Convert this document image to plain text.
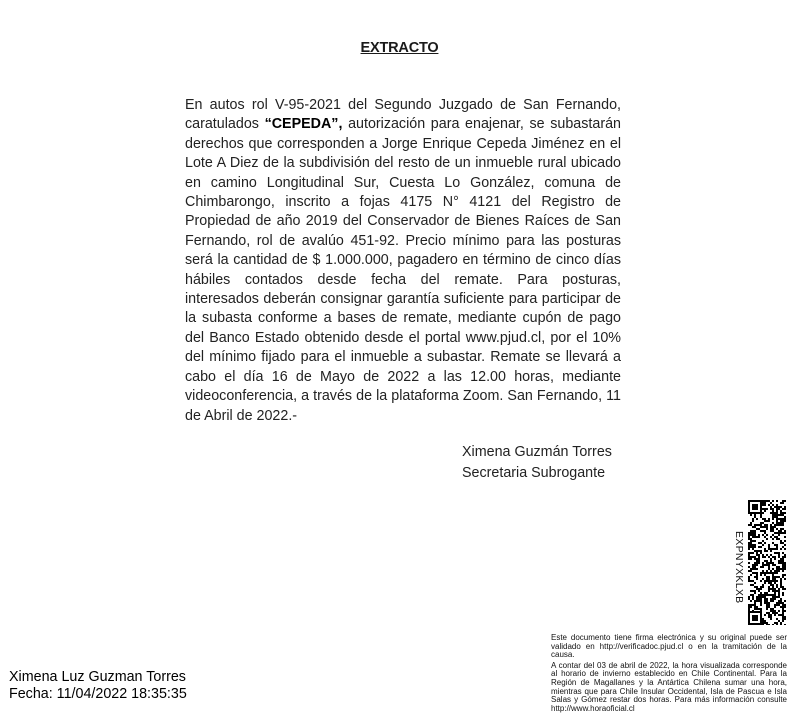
EXTRACTO
En autos rol V-95-2021 del Segundo Juzgado de San Fernando, caratulados “CEPEDA”, autorización para enajenar, se subastarán derechos que corresponden a Jorge Enrique Cepeda Jiménez en el Lote A Diez de la subdivisión del resto de un inmueble rural ubicado en camino Longitudinal Sur, Cuesta Lo González, comuna de Chimbarongo, inscrito a fojas 4175 N° 4121 del Registro de Propiedad de año 2019 del Conservador de Bienes Raíces de San Fernando, rol de avalúo 451-92. Precio mínimo para las posturas será la cantidad de $ 1.000.000, pagadero en término de cinco días hábiles contados desde fecha del remate. Para posturas, interesados deberán consignar garantía suficiente para participar de la subasta conforme a bases de remate, mediante cupón de pago del Banco Estado obtenido desde el portal www.pjud.cl, por el 10% del mínimo fijado para el inmueble a subastar. Remate se llevará a cabo el día 16 de Mayo de 2022 a las 12.00 horas, mediante videoconferencia, a través de la plataforma Zoom. San Fernando, 11 de Abril de 2022.-
Ximena Guzmán Torres
Secretaria Subrogante
EXPNYXKLXB

Este documento tiene firma electrónica y su original puede ser validado en http://verificadoc.pjud.cl o en la tramitación de la causa.

A contar del 03 de abril de 2022, la hora visualizada corresponde al horario de invierno establecido en Chile Continental. Para la Región de Magallanes y la Antártica Chilena sumar una hora, mientras que para Chile Insular Occidental, Isla de Pascua e Isla Salas y Gómez restar dos horas. Para más información consulte http://www.horaoficial.cl

Ximena Luz Guzman Torres
Fecha: 11/04/2022 18:35:35
